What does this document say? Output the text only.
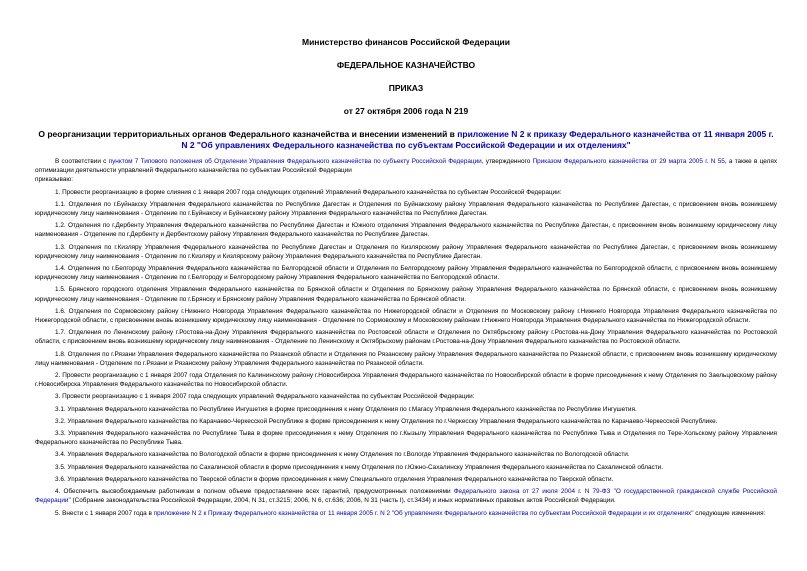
Министерство финансов Российской Федерации
ФЕДЕРАЛЬНОЕ КАЗНАЧЕЙСТВО
ПРИКАЗ
от 27 октября 2006 года N 219
О реорганизации территориальных органов Федерального казначейства и внесении изменений в приложение N 2 к приказу Федерального казначейства от 11 января 2005 г. N 2 "Об управлениях Федерального казначейства по субъектам Российской Федерации и их отделениях"

В соответствии с пунктом 7 Типового положения об Отделении Управления Федерального казначейства по субъекту Российской Федерации, утвержденного Приказом Федерального казначейства от 29 марта 2005 г. N 55, а также в целях оптимизации деятельности управлений Федерального казначейства по субъектам Российской Федерации

приказываю:

1. Провести реорганизацию в форме слияния с 1 января 2007 года следующих отделений Управлений Федерального казначейства по субъектам Российской Федерации:

1.1. Отделения по г.Буйнакску Управления Федерального казначейства по Республике Дагестан и Отделения по Буйнакскому району Управления Федерального казначейства по Республике Дагестан, с присвоением вновь возникшему юридическому лицу наименования - Отделение по г.Буйнакску и Буйнакскому району Управления Федерального казначейства по Республике Дагестан.

1.2. Отделения по г.Дербенту Управления Федерального казначейства по Республике Дагестан и Южного отделения Управления Федерального казначейства по Республике Дагестан, с присвоением вновь возникшему юридическому лицу наименования - Отделение по г.Дербенту и Дербентскому району Управления Федерального казначейства по Республике Дагестан.

1.3. Отделения по г.Кизляру Управления Федерального казначейства по Республике Дагестан и Отделения по Кизлярскому району Управления Федерального казначейства по Республике Дагестан, с присвоением вновь возникшему юридическому лицу наименования - Отделение по г.Кизляру и Кизлярскому району Управления Федерального казначейства по Республике Дагестан.

1.4. Отделения по г.Белгороду Управления Федерального казначейства по Белгородской области и Отделения по Белгородскому району Управления Федерального казначейства по Белгородской области, с присвоением вновь возникшему юридическому лицу наименования - Отделение по г.Белгороду и Белгородскому району Управления Федерального казначейства по Белгородской области.

1.5. Брянского городского отделения Управления Федерального казначейства по Брянской области и Отделения по Брянскому району Управления Федерального казначейства по Брянской области, с присвоением вновь возникшему юридическому лицу наименования - Отделение по г.Брянску и Брянскому району Управления Федерального казначейства по Брянской области.

1.6. Отделения по Сормовскому району г.Нижнего Новгорода Управления Федерального казначейства по Нижегородской области и Отделения по Московскому району г.Нижнего Новгорода Управления Федерального казначейства по Нижегородской области, с присвоением вновь возникшему юридическому лицу наименования - Отделение по Сормовскому и Московскому районам г.Нижнего Новгорода Управления Федерального казначейства по Нижегородской области.

1.7. Отделения по Ленинскому району г.Ростова-на-Дону Управления Федерального казначейства по Ростовской области и Отделения по Октябрьскому району г.Ростова-на-Дону Управления Федерального казначейства по Ростовской области, с присвоением вновь возникшему юридическому лицу наименования - Отделение по Ленинскому и Октябрьскому районам г.Ростова-на-Дону Управления Федерального казначейства по Ростовской области.

1.8. Отделения по г.Рязани Управления Федерального казначейства по Рязанской области и Отделения по Рязанскому району Управления Федерального казначейства по Рязанской области, с присвоением вновь возникшему юридическому лицу наименования - Отделение по г.Рязани и Рязанскому району Управления Федерального казначейства по Рязанской области.

2. Провести реорганизацию с 1 января 2007 года Отделения по Калининскому району г.Новосибирска Управления Федерального казначейства по Новосибирской области в форме присоединения к нему Отделения по Заельцовскому району г.Новосибирска Управления Федерального казначейства по Новосибирской области.

3. Провести реорганизацию с 1 января 2007 года следующих управлений Федерального казначейства по субъектам Российской Федерации:

3.1. Управления Федерального казначейства по Республике Ингушетия в форме присоединения к нему Отделения по г.Магасу Управления Федерального казначейства по Республике Ингушетия.

3.2. Управления Федерального казначейства по Карачаево-Черкесской Республике в форме присоединения к нему Отделения по г.Черкесску Управления Федерального казначейства по Карачаево-Черкесской Республике.

3.3. Управления Федерального казначейства по Республике Тыва в форме присоединения к нему Отделения по г.Кызылу Управления Федерального казначейства по Республике Тыва и Отделения по Тере-Хольскому району Управления Федерального казначейства по Республике Тыва.

3.4. Управления Федерального казначейства по Вологодской области в форме присоединения к нему Отделения по г.Вологде Управления Федерального казначейства по Вологодской области.

3.5. Управления Федерального казначейства по Сахалинской области в форме присоединения к нему Отделения по г.Южно-Сахалинску Управления Федерального казначейства по Сахалинской области.

3.6. Управления Федерального казначейства по Тверской области в форме присоединения к нему Специального отделения Управления Федерального казначейства по Тверской области.

4. Обеспечить высвобождаемым работникам в полном объеме предоставление всех гарантий, предусмотренных положениями Федерального закона от 27 июля 2004 г. N 79-ФЗ "О государственной гражданской службе Российской Федерации" (Собрание законодательства Российской Федерации, 2004, N 31, ст.3215; 2006, N 6, ст.636; 2006, N 31 (часть I), ст.3434) и иных нормативных правовых актов Российской Федерации.

5. Внести с 1 января 2007 года в приложение N 2 к Приказу Федерального казначейства от 11 января 2005 г. N 2 "Об управлениях Федерального казначейства по субъектам Российской Федерации и их отделениях" следующие изменения:
